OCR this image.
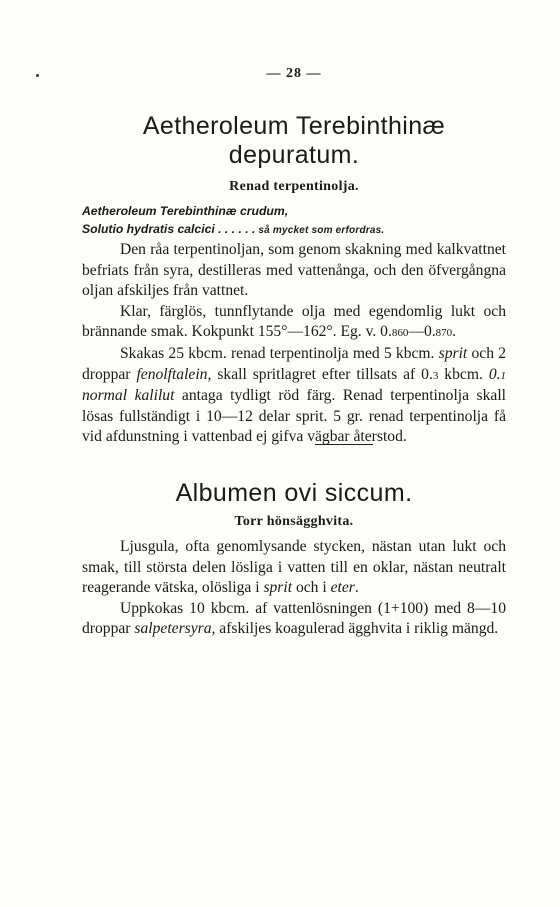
— 28 —
Aetheroleum Terebinthinæ depuratum.
Renad terpentinolja.
Aetheroleum Terebinthinæ crudum,
Solutio hydratis calcici . . . . . . så mycket som erfordras.

Den råa terpentinoljan, som genom skakning med kalkvattnet befriats från syra, destilleras med vattenånga, och den öfvergångna oljan afskiljes från vattnet.

Klar, färglös, tunnflytande olja med egendomlig lukt och brännande smak. Kokpunkt 155°—162°. Eg. v. 0.860—0.870.

Skakas 25 kbcm. renad terpentinolja med 5 kbcm. sprit och 2 droppar fenolftalein, skall spritlagret efter tillsats af 0.3 kbcm. 0.1 normal kalilut antaga tydligt röd färg. Renad terpentinolja skall lösas fullständigt i 10—12 delar sprit. 5 gr. renad terpentinolja få vid afdunstning i vattenbad ej gifva vägbar återstod.

Albumen ovi siccum.
Torr hönsägghvita.

Ljusgula, ofta genomlysande stycken, nästan utan lukt och smak, till största delen lösliga i vatten till en oklar, nästan neutralt reagerande vätska, olösliga i sprit och i eter.

Uppkokas 10 kbcm. af vattenlösningen (1+100) med 8—10 droppar salpetersyra, afskiljes koagulerad ägghvita i riklig mängd.
